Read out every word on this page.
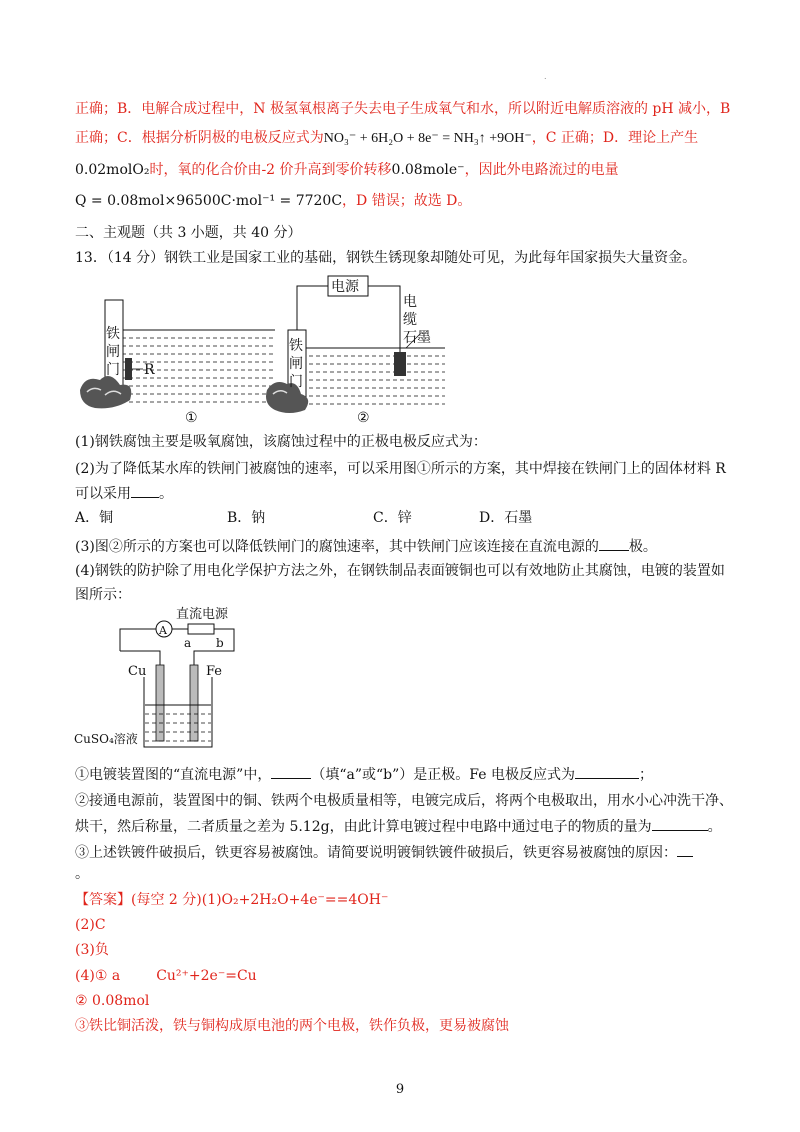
.
正确；B．电解合成过程中，N 极氢氧根离子失去电子生成氧气和水，所以附近电解质溶液的 pH 减小，B
正确；C．根据分析阴极的电极反应式为NO₃⁻ + 6H₂O + 8e⁻ = NH₃↑ +9OH⁻，C 正确；D．理论上产生
0.02molO₂时，氧的化合价由-2 价升高到零价转移0.08mole⁻，因此外电路流过的电量
Q = 0.08mol×96500C·mol⁻¹ = 7720C，D 错误；故选 D。
二、主观题（共 3 小题，共 40 分）
13．（14 分）钢铁工业是国家工业的基础，钢铁生锈现象却随处可见，为此每年国家损失大量资金。
铁
闸
门 R
①
电源
电
缆
石墨
铁
闸
门
②
(1)钢铁腐蚀主要是吸氧腐蚀，该腐蚀过程中的正极电极反应式为：
(2)为了降低某水库的铁闸门被腐蚀的速率，可以采用图①所示的方案，其中焊接在铁闸门上的固体材料 R
可以采用 。
A．铜	B．钠	C．锌	D．石墨
(3)图②所示的方案也可以降低铁闸门的腐蚀速率，其中铁闸门应该连接在直流电源的 极。
(4)钢铁的防护除了用电化学保护方法之外，在钢铁制品表面镀铜也可以有效地防止其腐蚀，电镀的装置如
图所示：
直流电源
A
a b
Cu	Fe
CuSO₄溶液
①电镀装置图的“直流电源”中，	（填“a”或“b”）是正极。Fe 电极反应式为	；
②接通电源前，装置图中的铜、铁两个电极质量相等，电镀完成后，将两个电极取出，用水小心冲洗干净、
烘干，然后称量，二者质量之差为 5.12g，由此计算电镀过程中电路中通过电子的物质的量为	。
③上述铁镀件破损后，铁更容易被腐蚀。请简要说明镀铜铁镀件破损后，铁更容易被腐蚀的原因：
。
【答案】(每空 2 分)(1)O₂+2H₂O+4e⁻==4OH⁻
(2)C
(3)负
(4)① a	Cu²⁺+2e⁻=Cu
② 0.08mol
③铁比铜活泼，铁与铜构成原电池的两个电极，铁作负极，更易被腐蚀
9
